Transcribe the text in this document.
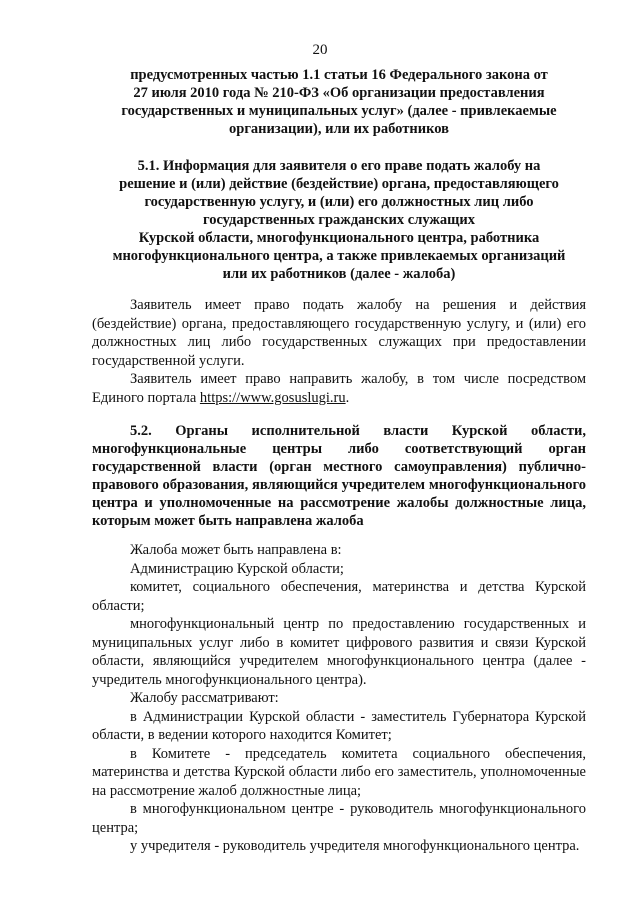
20
предусмотренных частью 1.1 статьи 16 Федерального закона от
27 июля 2010 года № 210-ФЗ «Об организации предоставления
государственных и муниципальных услуг» (далее - привлекаемые
организации), или их работников
5.1. Информация для заявителя о его праве подать жалобу на
решение и (или) действие (бездействие) органа, предоставляющего
государственную услугу, и (или) его должностных лиц либо
государственных гражданских служащих
Курской области, многофункционального центра, работника
многофункционального центра, а также привлекаемых организаций
или их работников (далее - жалоба)
Заявитель имеет право подать жалобу на решения и действия (бездействие) органа, предоставляющего государственную услугу, и (или) его должностных лиц либо государственных служащих при предоставлении государственной услуги.
Заявитель имеет право направить жалобу, в том числе посредством Единого портала https://www.gosuslugi.ru.
5.2. Органы исполнительной власти Курской области, многофункциональные центры либо соответствующий орган государственной власти (орган местного самоуправления) публично-правового образования, являющийся учредителем многофункционального центра и уполномоченные на рассмотрение жалобы должностные лица, которым может быть направлена жалоба
Жалоба может быть направлена в:
Администрацию Курской области;
комитет, социального обеспечения, материнства и детства Курской области;
многофункциональный центр по предоставлению государственных и муниципальных услуг либо в комитет цифрового развития и связи Курской области, являющийся учредителем многофункционального центра (далее - учредитель многофункционального центра).
Жалобу рассматривают:
в Администрации Курской области - заместитель Губернатора Курской области, в ведении которого находится Комитет;
в Комитете - председатель комитета социального обеспечения, материнства и детства Курской области либо его заместитель, уполномоченные на рассмотрение жалоб должностные лица;
в многофункциональном центре - руководитель многофункционального центра;
у учредителя - руководитель учредителя многофункционального центра.
